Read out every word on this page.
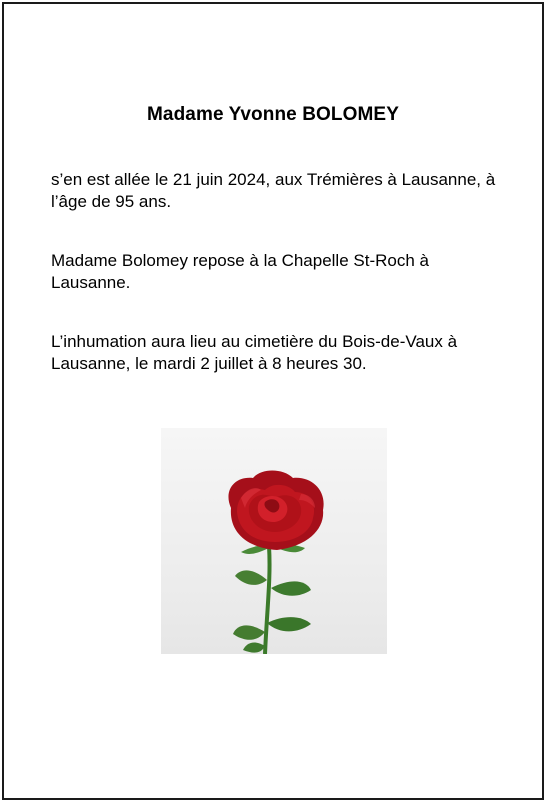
Madame Yvonne BOLOMEY
s’en est allée le 21 juin 2024, aux Trémières à Lausanne, à l’âge de 95 ans.
Madame Bolomey repose à la Chapelle St-Roch à Lausanne.
L’inhumation aura lieu au cimetière du Bois-de-Vaux à Lausanne, le mardi 2 juillet à 8 heures 30.
